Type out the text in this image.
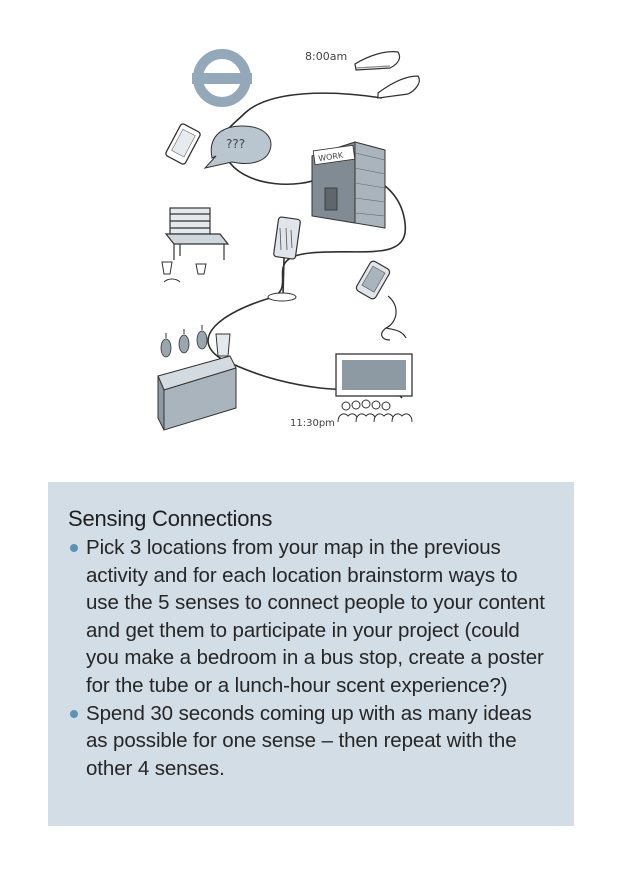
8:00am
???
WORK
11:30pm
Sensing Connections
Pick 3 locations from your map in the previous activity and for each location brainstorm ways to use the 5 senses to connect people to your content and get them to participate in your project (could you make a bedroom in a bus stop, create a poster for the tube or a lunch-hour scent experience?)
Spend 30 seconds coming up with as many ideas as possible for one sense – then repeat with the other 4 senses.
